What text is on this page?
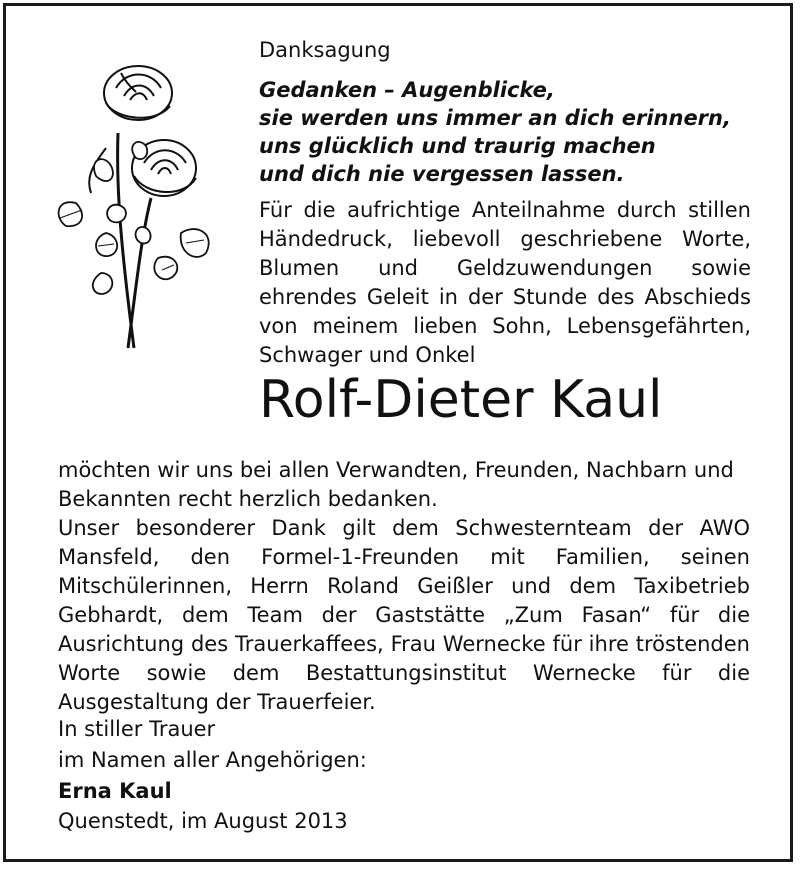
Danksagung
Gedanken – Augenblicke,
sie werden uns immer an dich erinnern,
uns glücklich und traurig machen
und dich nie vergessen lassen.
Für die aufrichtige Anteilnahme durch stillen Händedruck, liebevoll geschriebene Worte, Blumen und Geldzuwendungen sowie ehrendes Geleit in der Stunde des Abschieds von meinem lieben Sohn, Lebensgefährten, Schwager und Onkel
Rolf-Dieter Kaul
möchten wir uns bei allen Verwandten, Freunden, Nachbarn und Bekannten recht herzlich bedanken.
Unser besonderer Dank gilt dem Schwesternteam der AWO Mansfeld, den Formel-1-Freunden mit Familien, seinen Mitschülerinnen, Herrn Roland Geißler und dem Taxibetrieb Gebhardt, dem Team der Gaststätte „Zum Fasan“ für die Ausrichtung des Trauerkaffees, Frau Wernecke für ihre tröstenden Worte sowie dem Bestattungsinstitut Wernecke für die Ausgestaltung der Trauerfeier.
In stiller Trauer
im Namen aller Angehörigen:
Erna Kaul
Quenstedt, im August 2013
